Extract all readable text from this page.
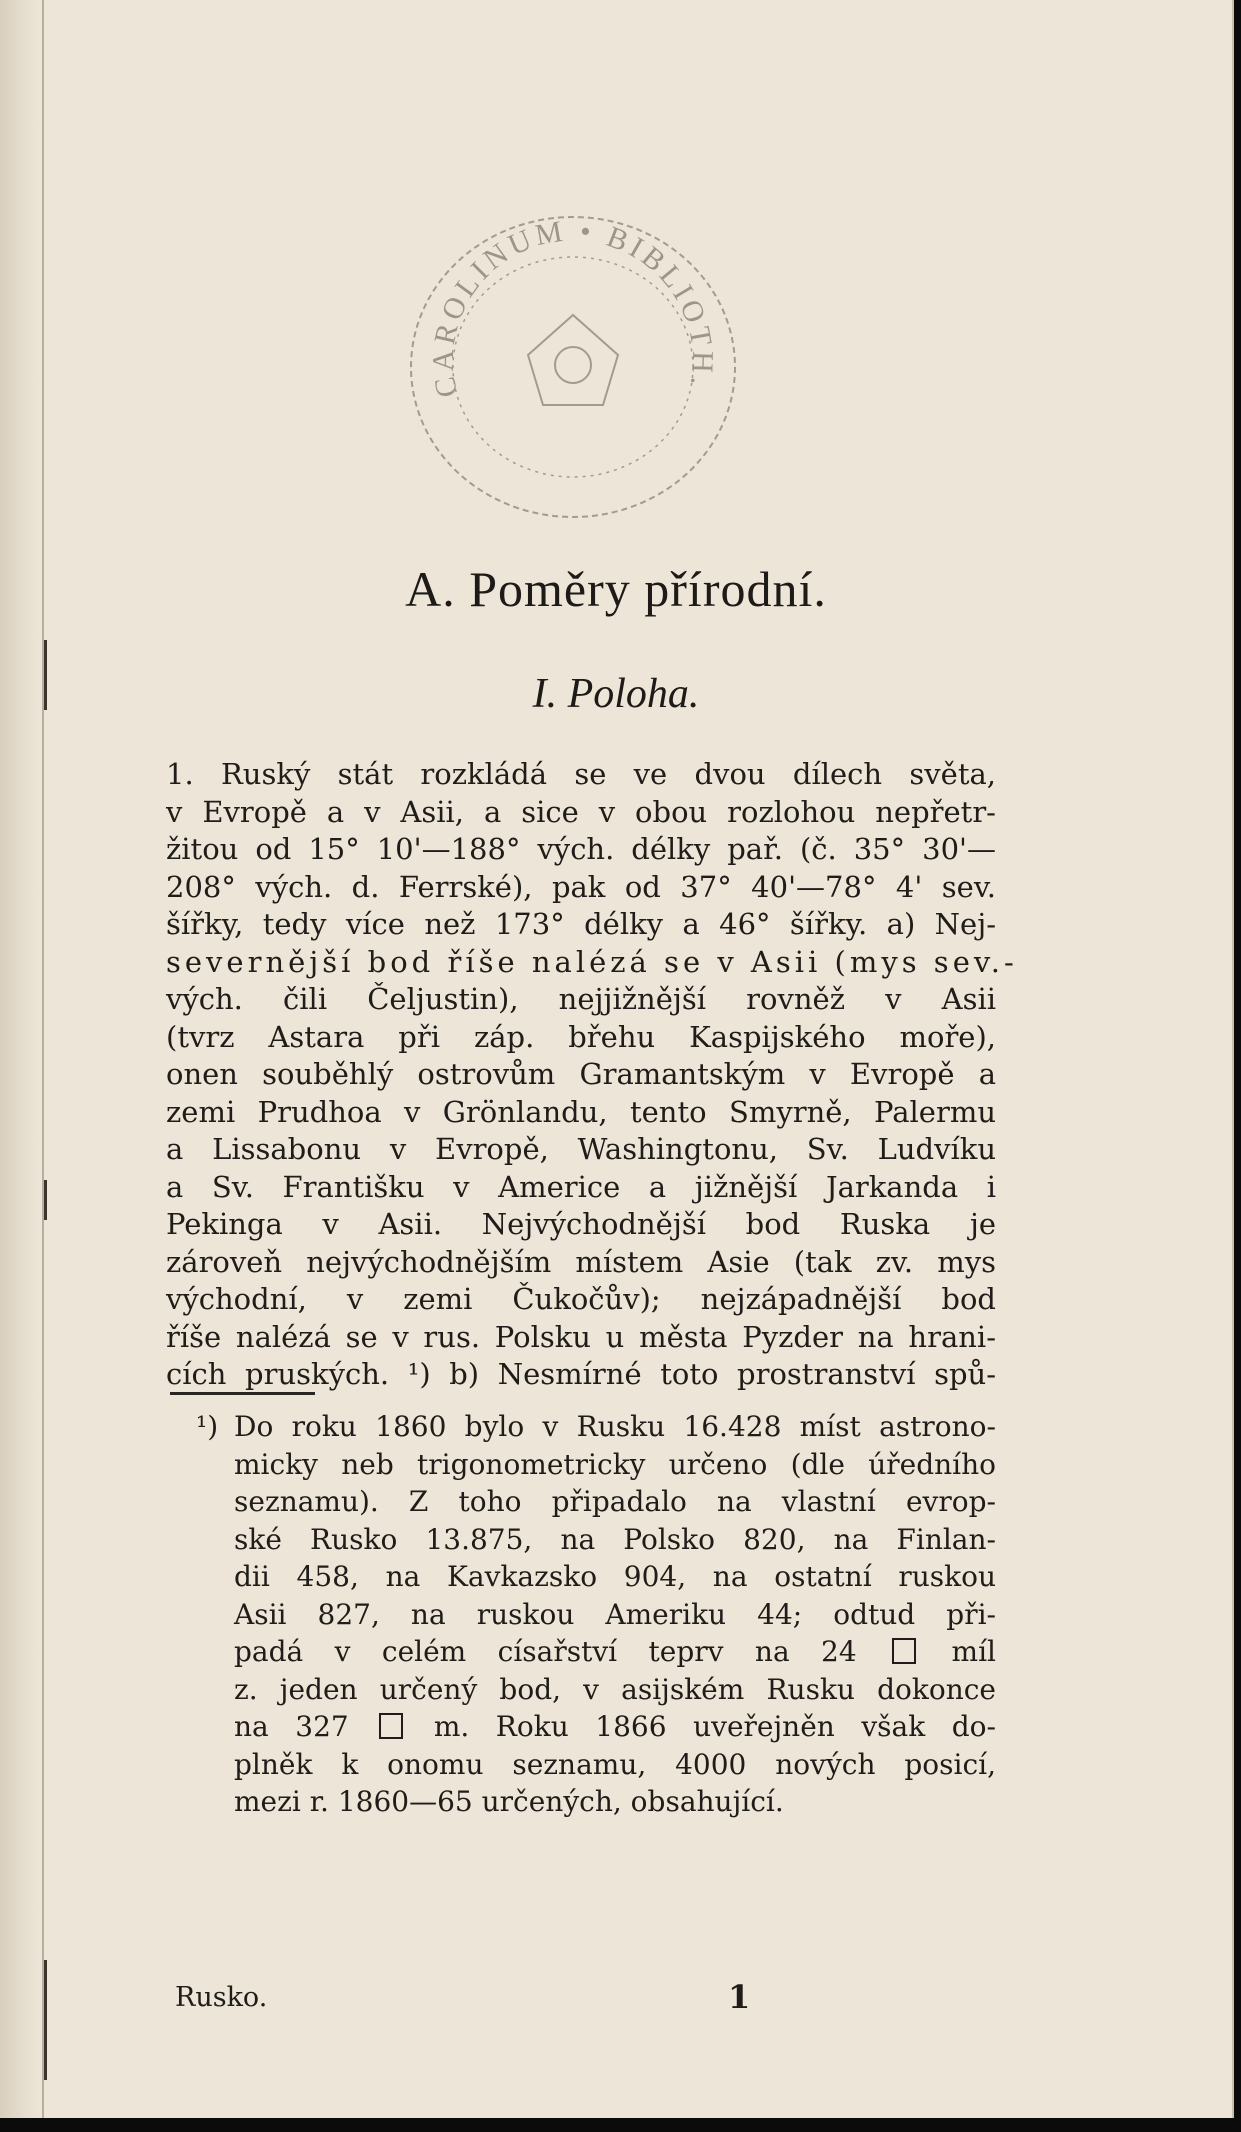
CAROLINUM • BIBLIOTH.
A. Poměry přírodní.
I. Poloha.
1. Ruský stát rozkládá se ve dvou dílech světa,
v Evropě a v Asii, a sice v obou rozlohou nepřetr-
žitou od 15° 10'—188° vých. délky pař. (č. 35° 30'—
208° vých. d. Ferrské), pak od 37° 40'—78° 4' sev.
šířky, tedy více než 173° délky a 46° šířky. a) Nej-
severnější bod říše nalézá se v Asii (mys sev.-
vých. čili Čeljustin), nejjižnější rovněž v Asii
(tvrz Astara při záp. břehu Kaspijského moře),
onen souběhlý ostrovům Gramantským v Evropě a
zemi Prudhoa v Grönlandu, tento Smyrně, Palermu
a Lissabonu v Evropě, Washingtonu, Sv. Ludvíku
a Sv. Františku v Americe a jižnější Jarkanda i
Pekinga v Asii. Nejvýchodnější bod Ruska je
zároveň nejvýchodnějším místem Asie (tak zv. mys
východní, v zemi Čukočův); nejzápadnější bod
říše nalézá se v rus. Polsku u města Pyzder na hrani-
cích pruských. ¹) b) Nesmírné toto prostranství spů-
¹) Do roku 1860 bylo v Rusku 16.428 míst astrono-
micky neb trigonometricky určeno (dle úředního
seznamu). Z toho připadalo na vlastní evrop-
ské Rusko 13.875, na Polsko 820, na Finlan-
dii 458, na Kavkazsko 904, na ostatní ruskou
Asii 827, na ruskou Ameriku 44; odtud při-
padá v celém císařství teprv na 24  míl
z. jeden určený bod, v asijském Rusku dokonce
na 327  m. Roku 1866 uveřejněn však do-
plněk k onomu seznamu, 4000 nových posicí,
mezi r. 1860—65 určených, obsahující.
Rusko.	1
